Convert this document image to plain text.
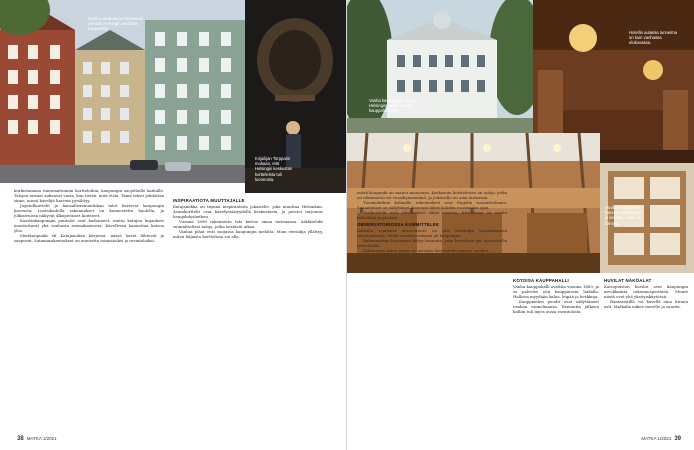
Onko Luotsikatu ja Tervasaari oikeasti Helsingin vanhinta kaupunkia?
Kirjailijan Torpparin mukaan, että Helsingin keskustan kortteleista tuli luonnosta.

kurkistamaan tuntemattomiin kortteleihin, kaupungin suojelluille kaduille. Talojen tarinat aukeavat vasta, kun tietää, mitä etsiä. Tämä teksti johdattaa sinne, missä kävelijä harvoin pysähtyy.

Jugendkorttelit ja kansallisromantiikan talot kertovat kaupungin kasvusta. Luotsikadulla rakennukset on kunnostettu huolella, ja julkisivuissa näkyvät alkuperäiset koristeet.

Kaartinkaupungin puutalot ovat kadonneet, mutta katujen linjaukset muistuttavat yhä vanhasta asemakaavasta. Kävellessä kannattaa katsoa ylös.

Merikaupunki eli Katajanokan kärjessä, missä laivat lähtevät ja saapuvat. Satamarakennukset on muutettu toimistoiksi ja ravintoloiksi.

INSPIRAATIOTA MUUTTAJALLE

Katajanokka on täynnä inspiraatiota jokaiselle, joka muuttaa Helsinkiin. Asuinkorttelit ovat kävelyetäisyydellä keskustasta, ja puistot tarjoavat hengähdyshetken.

Vuonna 1898 rakennettu talo kertoo omaa tarinaansa. Arkkitehdit suunnittelivat taloja, jotka kestävät aikaa.

Vanhat pihat ovat suojassa kaupungin melulta. Moni vierailija yllättyy, miten hiljaista korttelissa voi olla.

38 MATKA 1/2021
Vanha kauppahalli on yksi Helsingin vanhimmista kauppahalleista.
Hotellin aulassa tunnelma on kuin vanhassa elokuvassa.
Huvilan sisäpihalla kasvaa omenapuita, ja kesäisin siellä on kahvila.

mistä kaupunki on saanut muotonsa. Keskustan kortteleissa on taloja, jotka on rakennettu eri vuosikymmeninä, ja jokaisella on oma tarinansa.

Tuomiokirkon kulmalla rakennukset ovat Engelin suunnittelemia. Senaatintori on säilyttänyt ilmeensä lähes kahden vuosisadan ajan.

Torikorttelit ovat elävöityneet viime vuosina. Kivijalkaan on avattu kahviloita ja puoteja.

OBSERVATORIOSSA KUMMITTELEE

Kalliolla sijaitseva observatorio on yksi Helsingin kauneimmista rakennuksista. Sieltä avautuu näkymä yli kaupungin.

Rakennuksen historiaan liittyy tarinoita, joita kerrotaan yhä opastetuilla kierroksilla.

Tähtitornin mäen puisto on suosittu kävelyreitti ympäri vuoden.

KOTOISA KAUPPAHALLI

Vanha kauppahalli avattiin vuonna 1889, ja se palvelee yhä kauppatorin laidalla. Hallissa myydään kalaa, leipää ja herkkuja.

Kauppiaiden puodit ovat säilyttäneet vanhan tunnelmansa. Remontin jälkeen halliin tuli myös uusia ravintoloita.

HUVILAT NÄKÖALAT

Kaivopuiston huvilat ovat kaupungin arvokkainta rakennusperintöä. Monet niistä ovat yhä yksityiskäytössä.

Rantareitillä voi kävellä aina Eiraan asti. Matkalla näkee merelle ja saariin.

MATKA 1/2021 39
